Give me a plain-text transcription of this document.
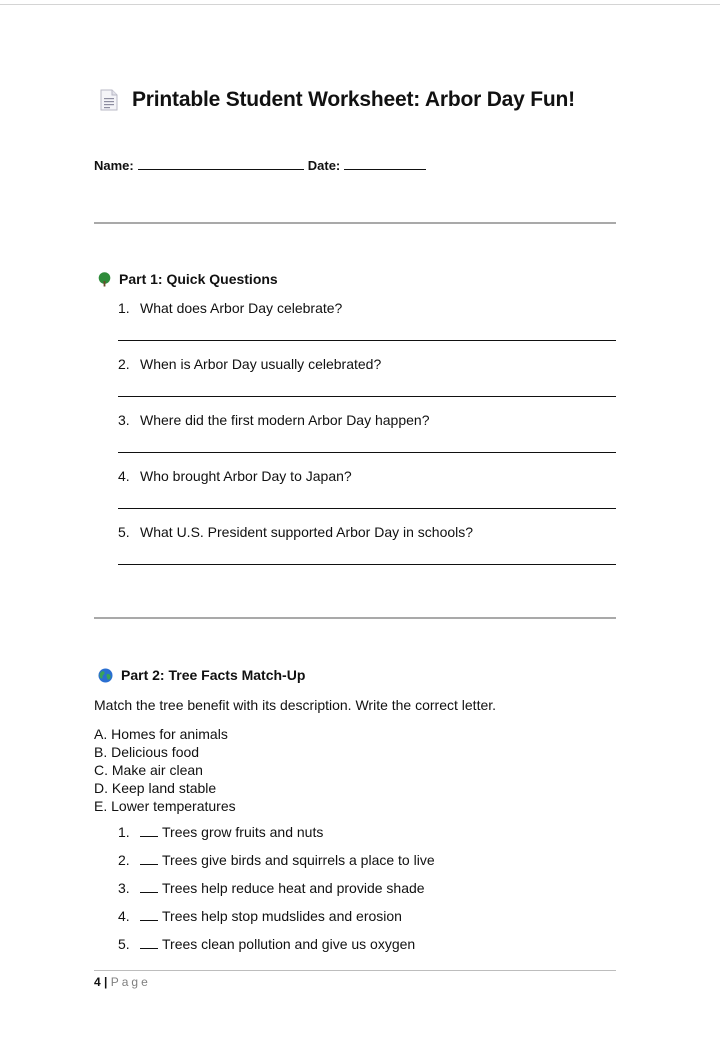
Printable Student Worksheet: Arbor Day Fun!
Name:	Date:
Part 1: Quick Questions
1. What does Arbor Day celebrate?
2. When is Arbor Day usually celebrated?
3. Where did the first modern Arbor Day happen?
4. Who brought Arbor Day to Japan?
5. What U.S. President supported Arbor Day in schools?
Part 2: Tree Facts Match-Up
Match the tree benefit with its description. Write the correct letter.
A. Homes for animals
B. Delicious food
C. Make air clean
D. Keep land stable
E. Lower temperatures
1.	Trees grow fruits and nuts
2.	Trees give birds and squirrels a place to live
3.	Trees help reduce heat and provide shade
4.	Trees help stop mudslides and erosion
5.	Trees clean pollution and give us oxygen
4 | Page
